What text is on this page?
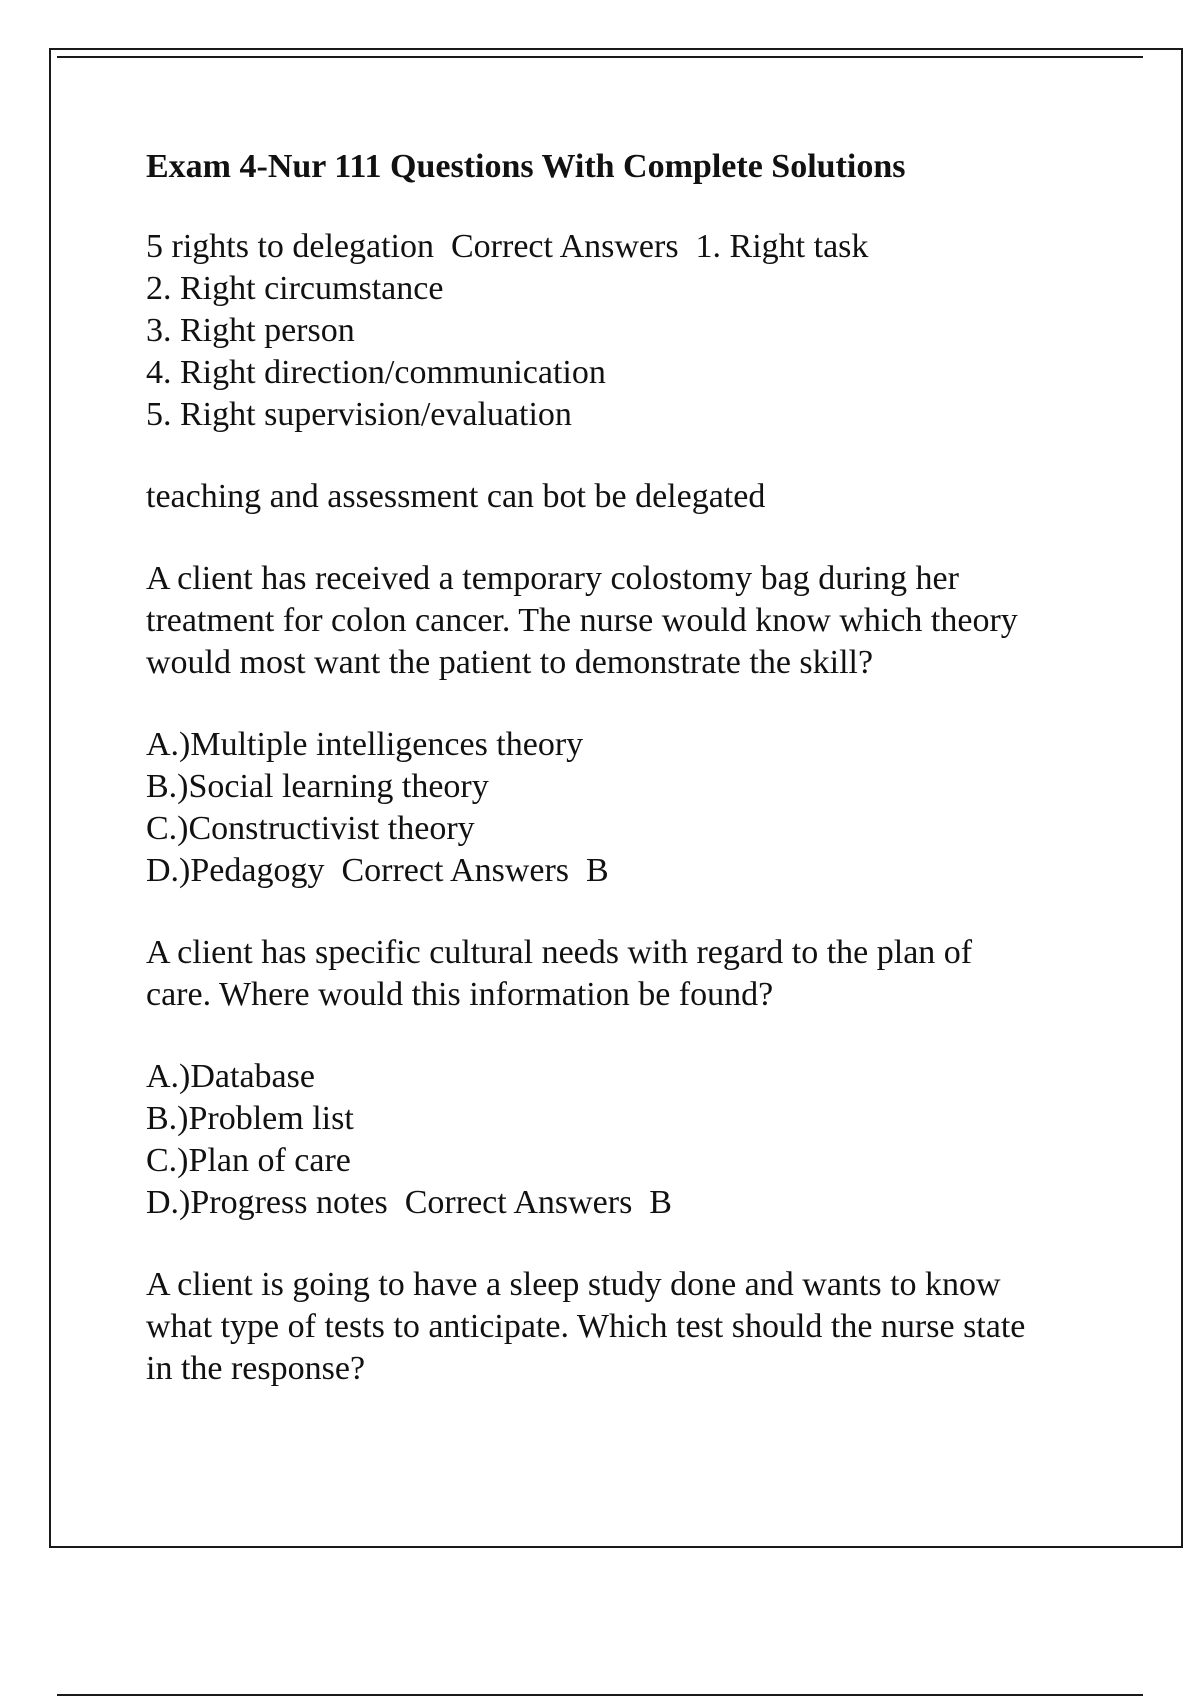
Exam 4-Nur 111 Questions With Complete Solutions
5 rights to delegation  Correct Answers  1. Right task
2. Right circumstance
3. Right person
4. Right direction/communication
5. Right supervision/evaluation
teaching and assessment can bot be delegated
A client has received a temporary colostomy bag during her
treatment for colon cancer. The nurse would know which theory
would most want the patient to demonstrate the skill?
A.)Multiple intelligences theory
B.)Social learning theory
C.)Constructivist theory
D.)Pedagogy  Correct Answers  B
A client has specific cultural needs with regard to the plan of
care. Where would this information be found?
A.)Database
B.)Problem list
C.)Plan of care
D.)Progress notes  Correct Answers  B
A client is going to have a sleep study done and wants to know
what type of tests to anticipate. Which test should the nurse state
in the response?
